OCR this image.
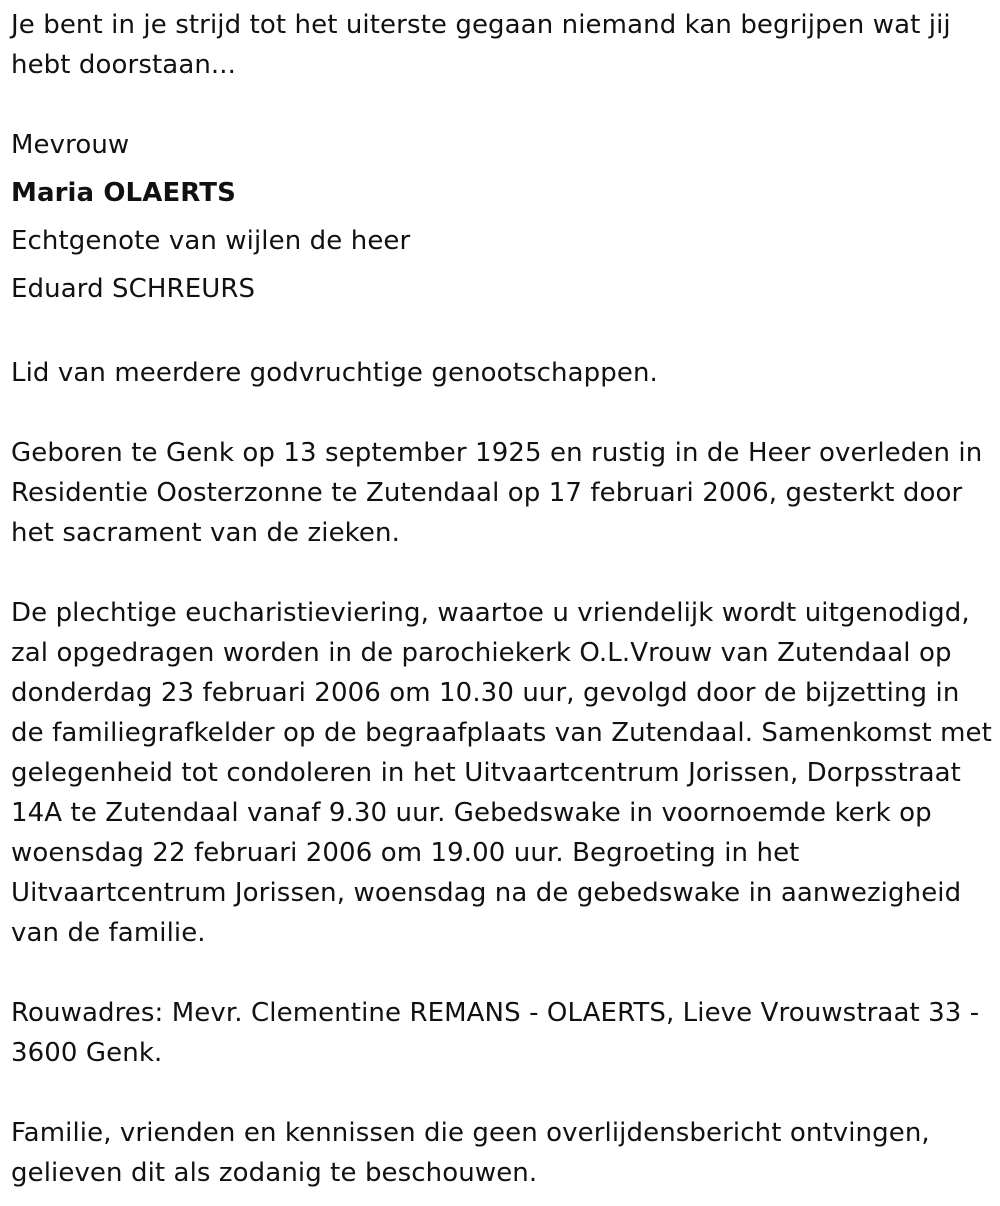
Je bent in je strijd tot het uiterste gegaan niemand kan begrijpen wat jij hebt doorstaan...

Mevrouw
Maria OLAERTS
Echtgenote van wijlen de heer
Eduard SCHREURS

Lid van meerdere godvruchtige genootschappen.

Geboren te Genk op 13 september 1925 en rustig in de Heer overleden in Residentie Oosterzonne te Zutendaal op 17 februari 2006, gesterkt door het sacrament van de zieken.

De plechtige eucharistieviering, waartoe u vriendelijk wordt uitgenodigd, zal opgedragen worden in de parochiekerk O.L.Vrouw van Zutendaal op donderdag 23 februari 2006 om 10.30 uur, gevolgd door de bijzetting in de familiegrafkelder op de begraafplaats van Zutendaal. Samenkomst met gelegenheid tot condoleren in het Uitvaartcentrum Jorissen, Dorpsstraat 14A te Zutendaal vanaf 9.30 uur. Gebedswake in voornoemde kerk op woensdag 22 februari 2006 om 19.00 uur. Begroeting in het Uitvaartcentrum Jorissen, woensdag na de gebedswake in aanwezigheid van de familie.

Rouwadres: Mevr. Clementine REMANS - OLAERTS, Lieve Vrouwstraat 33 - 3600 Genk.

Familie, vrienden en kennissen die geen overlijdensbericht ontvingen, gelieven dit als zodanig te beschouwen.
